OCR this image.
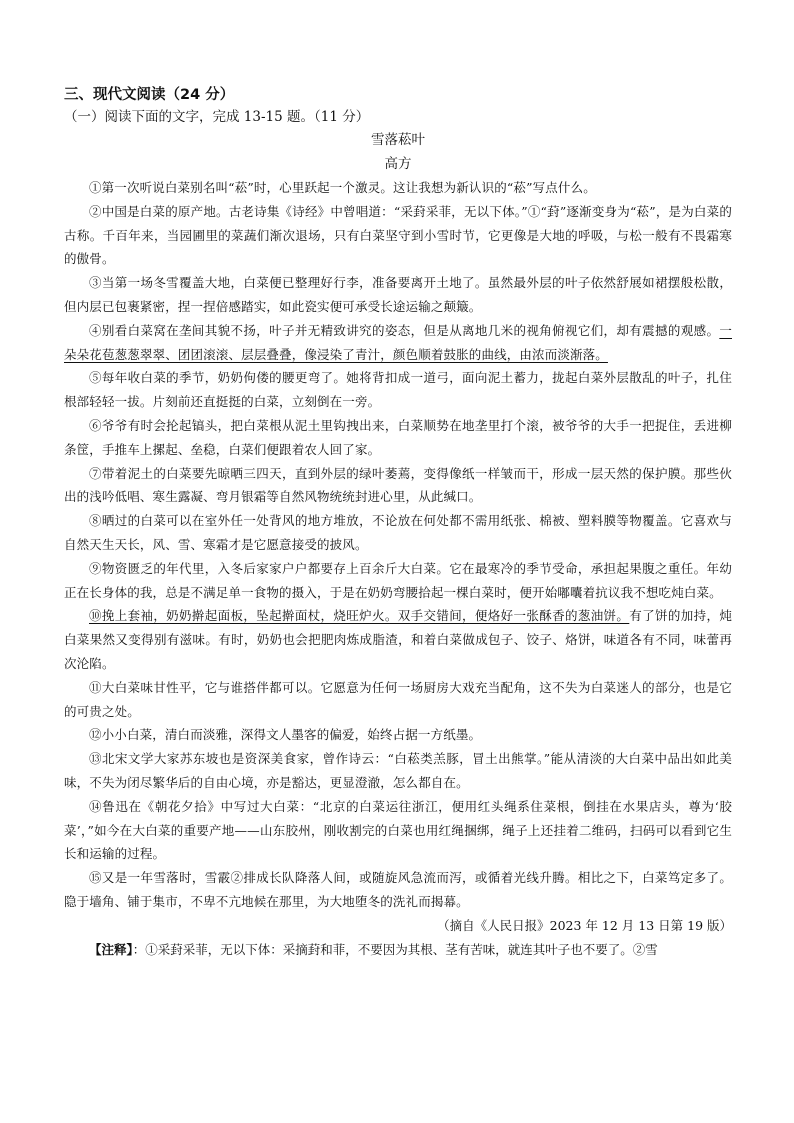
三、现代文阅读（24 分）

（一）阅读下面的文字，完成 13-15 题。（11 分）

雪落菘叶

高方

①第一次听说白菜别名叫“菘”时，心里跃起一个激灵。这让我想为新认识的“菘”写点什么。

②中国是白菜的原产地。古老诗集《诗经》中曾唱道：“采葑采菲，无以下体。”①“葑”逐渐变身为“菘”，是为白菜的古称。千百年来，当园圃里的菜蔬们渐次退场，只有白菜坚守到小雪时节，它更像是大地的呼吸，与松一般有不畏霜寒的傲骨。

③当第一场冬雪覆盖大地，白菜便已整理好行李，准备要离开土地了。虽然最外层的叶子依然舒展如裙摆般松散，但内层已包裹紧密，捏一捏倍感踏实，如此瓷实便可承受长途运输之颠簸。

④别看白菜窝在垄间其貌不扬，叶子并无精致讲究的姿态，但是从离地几米的视角俯视它们，却有震撼的观感。一朵朵花苞葱葱翠翠、团团滚滚、层层叠叠，像浸染了青汁，颜色顺着鼓胀的曲线，由浓而淡渐落。

⑤每年收白菜的季节，奶奶佝偻的腰更弯了。她将背扣成一道弓，面向泥土蓄力，拢起白菜外层散乱的叶子，扎住根部轻轻一拔。片刻前还直挺挺的白菜，立刻倒在一旁。

⑥爷爷有时会抡起镐头，把白菜根从泥土里钩拽出来，白菜顺势在地垄里打个滚，被爷爷的大手一把捉住，丢进柳条筐，手推车上摞起、垒稳，白菜们便跟着农人回了家。

⑦带着泥土的白菜要先晾晒三四天，直到外层的绿叶萎蔫，变得像纸一样皱而干，形成一层天然的保护膜。那些伙出的浅吟低唱、寒生露凝、弯月银霜等自然风物统统封进心里，从此缄口。

⑧晒过的白菜可以在室外任一处背风的地方堆放，不论放在何处都不需用纸张、棉被、塑料膜等物覆盖。它喜欢与自然天生天长，风、雪、寒霜才是它愿意接受的披风。

⑨物资匮乏的年代里，入冬后家家户户都要存上百余斤大白菜。它在最寒冷的季节受命，承担起果腹之重任。年幼正在长身体的我，总是不满足单一食物的摄入，于是在奶奶弯腰拾起一棵白菜时，便开始嘟囔着抗议我不想吃炖白菜。

⑩挽上套袖，奶奶擀起面板，坠起擀面杖，烧旺炉火。双手交错间，便烙好一张酥香的葱油饼。有了饼的加持，炖白菜果然又变得别有滋味。有时，奶奶也会把肥肉炼成脂渣，和着白菜做成包子、饺子、烙饼，味道各有不同，味蕾再次沦陷。

⑪大白菜味甘性平，它与谁搭伴都可以。它愿意为任何一场厨房大戏充当配角，这不失为白菜迷人的部分，也是它的可贵之处。

⑫小小白菜，清白而淡雅，深得文人墨客的偏爱，始终占据一方纸墨。

⑬北宋文学大家苏东坡也是资深美食家，曾作诗云：“白菘类羔豚，冒土出熊掌。”能从清淡的大白菜中品出如此美味，不失为闭尽繁华后的自由心境，亦是豁达，更显澄澈，怎么都自在。

⑭鲁迅在《朝花夕拾》中写过大白菜：“北京的白菜运往浙江，便用红头绳系住菜根，倒挂在水果店头，尊为‘胶菜’，”如今在大白菜的重要产地——山东胶州，刚收割完的白菜也用红绳捆绑，绳子上还挂着二维码，扫码可以看到它生长和运输的过程。

⑮又是一年雪落时，雪霰②排成长队降落人间，或随旋风急流而泻，或循着光线升腾。相比之下，白菜笃定多了。隐于墙角、铺于集市，不卑不亢地候在那里，为大地堕冬的洗礼而揭幕。

（摘自《人民日报》2023 年 12 月 13 日第 19 版）

【注释】：①采葑采菲，无以下体：采摘葑和菲，不要因为其根、茎有苦味，就连其叶子也不要了。②雪
